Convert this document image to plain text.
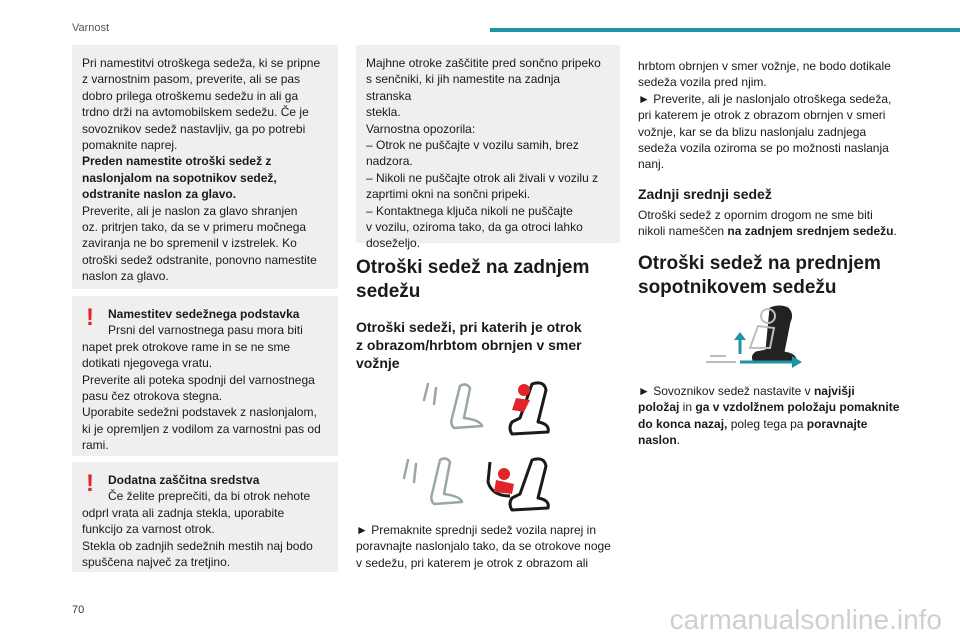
Varnost

Pri namestitvi otroškega sedeža, ki se pripne

z varnostnim pasom, preverite, ali se pas

dobro prilega otroškemu sedežu in ali ga

trdno drži na avtomobilskem sedežu. Če je

sovoznikov sedež nastavljiv, ga po potrebi

pomaknite naprej.

Preden namestite otroški sedež z

naslonjalom na sopotnikov sedež,

odstranite naslon za glavo.

Preverite, ali je naslon za glavo shranjen

oz. pritrjen tako, da se v primeru močnega

zaviranja ne bo spremenil v izstrelek. Ko

otroški sedež odstranite, ponovno namestite

naslon za glavo.

!	Namestitev sedežnega podstavka

Prsni del varnostnega pasu mora biti

napet prek otrokove rame in se ne sme

dotikati njegovega vratu.

Preverite ali poteka spodnji del varnostnega

pasu čez otrokova stegna.

Uporabite sedežni podstavek z naslonjalom,

ki je opremljen z vodilom za varnostni pas od

rami.

!	Dodatna zaščitna sredstva

Če želite preprečiti, da bi otrok nehote

odprl vrata ali zadnja stekla, uporabite

funkcijo za varnost otrok.

Stekla ob zadnjih sedežnih mestih naj bodo

spuščena največ za tretjino.

Majhne otroke zaščitite pred sončno pripeko

s senčniki, ki jih namestite na zadnja stranska

stekla.

Varnostna opozorila:

– Otrok ne puščajte v vozilu samih, brez

nadzora.

– Nikoli ne puščajte otrok ali živali v vozilu z

zaprtimi okni na sončni pripeki.

– Kontaktnega ključa nikoli ne puščajte

v vozilu, oziroma tako, da ga otroci lahko

doseželjo.

Otroški sedež na zadnjem
sedežu
Otroški sedeži, pri katerih je otrok
z obrazom/hrbtom obrnjen v smer
vožnje

► Premaknite sprednji sedež vozila naprej in

poravnajte naslonjalo tako, da se otrokove noge

v sedežu, pri katerem je otrok z obrazom ali

hrbtom obrnjen v smer vožnje, ne bodo dotikale

sedeža vozila pred njim.

► Preverite, ali je naslonjalo otroškega sedeža,

pri katerem je otrok z obrazom obrnjen v smeri

vožnje, kar se da blizu naslonjalu zadnjega

sedeža vozila oziroma se po možnosti naslanja

nanj.

Zadnji srednji sedež

Otroški sedež z opornim drogom ne sme biti

nikoli nameščen na zadnjem srednjem sedežu.

Otroški sedež na prednjem
sopotnikovem sedežu

► Sovoznikov sedež nastavite v najvišji

položaj in ga v vzdolžnem položaju pomaknite

do konca nazaj, poleg tega pa poravnajte

naslon.

70	carmanualsonline.info
